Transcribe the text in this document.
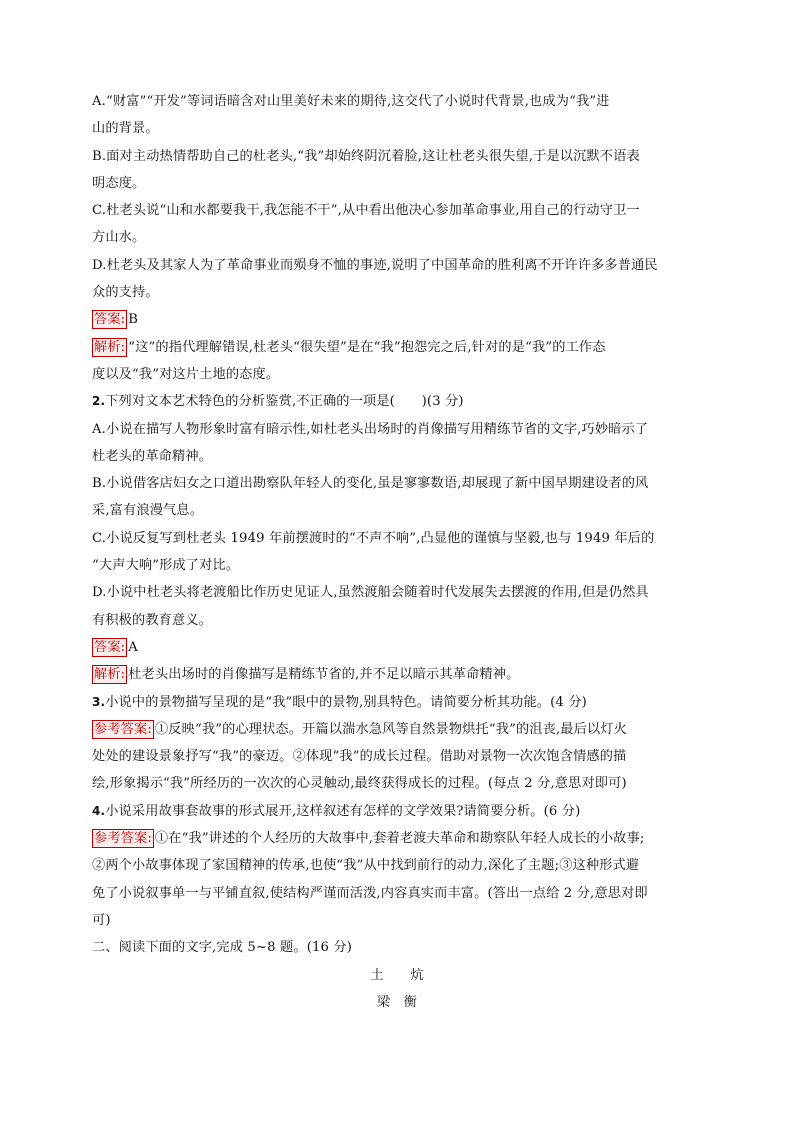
A.“财富”“开发”等词语暗含对山里美好未来的期待,这交代了小说时代背景,也成为“我”进
山的背景。
B.面对主动热情帮助自己的杜老头,“我”却始终阴沉着脸,这让杜老头很失望,于是以沉默不语表
明态度。
C.杜老头说“山和水都要我干,我怎能不干”,从中看出他决心参加革命事业,用自己的行动守卫一
方山水。
D.杜老头及其家人为了革命事业而殒身不恤的事迹,说明了中国革命的胜利离不开许许多多普通民
众的支持。
答案: B
解析: “这”的指代理解错误,杜老头“很失望”是在“我”抱怨完之后,针对的是“我”的工作态
度以及“我”对这片土地的态度。
2.下列对文本艺术特色的分析鉴赏,不正确的一项是(　　)(3 分)
A.小说在描写人物形象时富有暗示性,如杜老头出场时的肖像描写用精练节省的文字,巧妙暗示了
杜老头的革命精神。
B.小说借客店妇女之口道出勘察队年轻人的变化,虽是寥寥数语,却展现了新中国早期建设者的风
采,富有浪漫气息。
C.小说反复写到杜老头 1949 年前摆渡时的“不声不响”,凸显他的谨慎与坚毅,也与 1949 年后的
“大声大响”形成了对比。
D.小说中杜老头将老渡船比作历史见证人,虽然渡船会随着时代发展失去摆渡的作用,但是仍然具
有积极的教育意义。
答案: A
解析: 杜老头出场时的肖像描写是精练节省的,并不足以暗示其革命精神。
3.小说中的景物描写呈现的是“我”眼中的景物,别具特色。请简要分析其功能。(4 分)
参考答案: ①反映“我”的心理状态。开篇以湍水急风等自然景物烘托“我”的沮丧,最后以灯火
处处的建设景象抒写“我”的豪迈。②体现“我”的成长过程。借助对景物一次次饱含情感的描
绘,形象揭示“我”所经历的一次次的心灵触动,最终获得成长的过程。(每点 2 分,意思对即可)
4.小说采用故事套故事的形式展开,这样叙述有怎样的文学效果?请简要分析。(6 分)
参考答案: ①在“我”讲述的个人经历的大故事中,套着老渡夫革命和勘察队年轻人成长的小故事;
②两个小故事体现了家国精神的传承,也使“我”从中找到前行的动力,深化了主题;③这种形式避
免了小说叙事单一与平铺直叙,使结构严谨而活泼,内容真实而丰富。(答出一点给 2 分,意思对即
可)
二、阅读下面的文字,完成 5~8 题。(16 分)
土　　炕
梁　衡
